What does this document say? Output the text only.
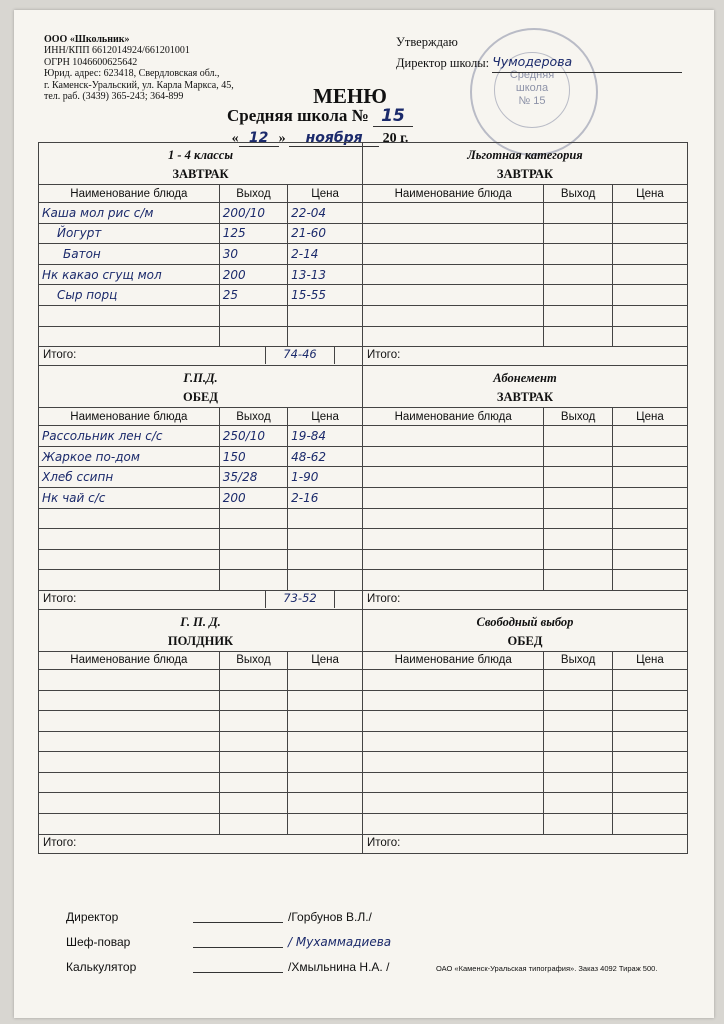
ООО «Школьник»
ИНН/КПП 6612014924/661201001
ОГРН 1046600625642
Юрид. адрес: 623418, Свердловская обл.,
г. Каменск-Уральский, ул. Карла Маркса, 45,
тел. раб. (3439) 365-243; 364-899
Средняя
школа
№ 15
Утверждаю
Директор школы: Чумодерова
МЕНЮ
Средняя школа № 15
« 12 » ноября 20 г.
1 - 4 классы
ЗАВТРАК
Наименование блюда	Выход	Цена
Каша мол рис с/м	200/10	22-04
Йогурт	125	21-60
Батон	30	2-14
Нк какао сгущ мол	200	13-13
Сыр порц	25	15-55

Итого:	74-46
Льготная категория
ЗАВТРАК
Наименование блюда	Выход	Цена

Итого:
Г.П.Д.
ОБЕД
Наименование блюда	Выход	Цена
Рассольник лен с/с	250/10	19-84
Жаркое по-дом	150	48-62
Хлеб ссипн	35/28	1-90
Нк чай с/с	200	2-16

Итого:	73-52
Абонемент
ЗАВТРАК
Наименование блюда	Выход	Цена

Итого:
Г. П. Д.
ПОЛДНИК
Наименование блюда	Выход	Цена

Итого:
Свободный выбор
ОБЕД
Наименование блюда	Выход	Цена

Итого:
Директор	/Горбунов В.Л./
Шеф-повар	/ Мухаммадиева
Калькулятор	/Хмыльнина Н.А. /	ОАО «Каменск-Уральская типография». Заказ 4092 Тираж 500.
